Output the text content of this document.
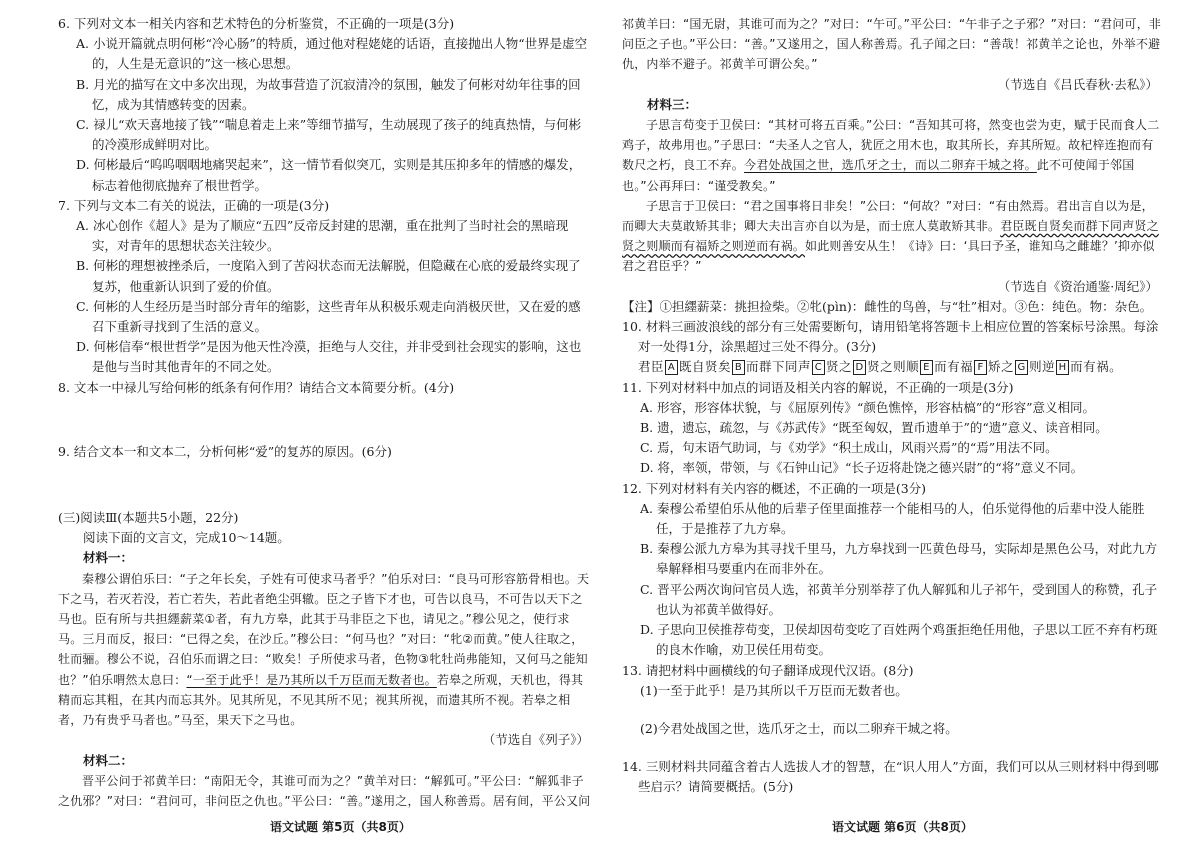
6. 下列对文本一相关内容和艺术特色的分析鉴赏，不正确的一项是(3分)

A. 小说开篇就点明何彬“冷心肠”的特质，通过他对程姥姥的话语，直接抛出人物“世界是虚空的，人生是无意识的”这一核心思想。

B. 月光的描写在文中多次出现，为故事营造了沉寂清冷的氛围，触发了何彬对幼年往事的回忆，成为其情感转变的因素。

C. 禄儿“欢天喜地接了钱”“喘息着走上来”等细节描写，生动展现了孩子的纯真热情，与何彬的冷漠形成鲜明对比。

D. 何彬最后“呜呜咽咽地痛哭起来”，这一情节看似突兀，实则是其压抑多年的情感的爆发，标志着他彻底抛弃了根世哲学。

7. 下列与文本二有关的说法，正确的一项是(3分)

A. 冰心创作《超人》是为了顺应“五四”反帝反封建的思潮，重在批判了当时社会的黑暗现实，对青年的思想状态关注较少。

B. 何彬的理想被挫杀后，一度陷入到了苦闷状态而无法解脱，但隐藏在心底的爱最终实现了复苏，他重新认识到了爱的价值。

C. 何彬的人生经历是当时部分青年的缩影，这些青年从积极乐观走向消极厌世，又在爱的感召下重新寻找到了生活的意义。

D. 何彬信奉“根世哲学”是因为他天性冷漠，拒绝与人交往，并非受到社会现实的影响，这也是他与当时其他青年的不同之处。

8. 文本一中禄儿写给何彬的纸条有何作用？请结合文本简要分析。(4分)

9. 结合文本一和文本二，分析何彬“爱”的复苏的原因。(6分)

(三)阅读Ⅲ(本题共5小题，22分)

阅读下面的文言文，完成10～14题。

材料一：

秦穆公谓伯乐曰：“子之年长矣，子姓有可使求马者乎？”伯乐对曰：“良马可形容筋骨相也。天下之马，若灭若没，若亡若失，若此者绝尘弭辙。臣之子皆下才也，可告以良马，不可告以天下之马也。臣有所与共担纆薪菜①者，有九方皋，此其于马非臣之下也，请见之。”穆公见之，使行求马。三月而反，报曰：“已得之矣，在沙丘。”穆公曰：“何马也？”对曰：“牝②而黄。”使人往取之，牡而骊。穆公不说，召伯乐而谓之曰：“败矣！子所使求马者，色物③牝牡尚弗能知，又何马之能知也？”伯乐喟然太息曰：“一至于此乎！是乃其所以千万臣而无数者也。若皋之所观，天机也，得其精而忘其粗，在其内而忘其外。见其所见，不见其所不见；视其所视，而遗其所不视。若皋之相者，乃有贵乎马者也。”马至，果天下之马也。

（节选自《列子》）

材料二：

晋平公问于祁黄羊曰：“南阳无令，其谁可而为之？”黄羊对曰：“解狐可。”平公曰：“解狐非子之仇邪？”对曰：“君问可，非问臣之仇也。”平公曰：“善。”遂用之，国人称善焉。居有间，平公又问

祁黄羊曰：“国无尉，其谁可而为之？”对曰：“午可。”平公曰：“午非子之子邪？”对曰：“君问可，非问臣之子也。”平公曰：“善。”又遂用之，国人称善焉。孔子闻之曰：“善哉！祁黄羊之论也，外举不避仇，内举不避子。祁黄羊可谓公矣。”

（节选自《吕氏春秋·去私》）

材料三：

子思言苟变于卫侯曰：“其材可将五百乘。”公曰：“吾知其可将，然变也尝为吏，赋于民而食人二鸡子，故弗用也。”子思曰：“夫圣人之官人，犹匠之用木也，取其所长，弃其所短。故杞梓连抱而有数尺之朽，良工不弃。今君处战国之世，选爪牙之士，而以二卵弃干城之将。此不可使闻于邻国也。”公再拜曰：“谨受教矣。”

子思言于卫侯曰：“君之国事将日非矣！”公曰：“何故？”对曰：“有由然焉。君出言自以为是，而卿大夫莫敢矫其非；卿大夫出言亦自以为是，而士庶人莫敢矫其非。君臣既自贤矣而群下同声贤之贤之则顺而有福矫之则逆而有祸。如此则善安从生！《诗》曰：‘具曰予圣，谁知乌之雌雄？’抑亦似君之君臣乎？”

（节选自《资治通鉴·周纪》）

【注】①担纆薪菜：挑担捡柴。②牝(pìn)：雌性的鸟兽，与“牡”相对。③色：纯色。物：杂色。

10. 材料三画波浪线的部分有三处需要断句，请用铅笔将答题卡上相应位置的答案标号涂黑。每涂对一处得1分，涂黑超过三处不得分。(3分)

君臣 A 既自贤矣 B 而群下同声 C 贤之 D 贤之则顺 E 而有福 F 矫之 G 则逆 H 而有祸。

11. 下列对材料中加点的词语及相关内容的解说，不正确的一项是(3分)

A. 形容，形容体状貌，与《屈原列传》“颜色憔悴，形容枯槁”的“形容”意义相同。

B. 遗，遗忘，疏忽，与《苏武传》“既至匈奴，置币遗单于”的“遗”意义、读音相同。

C. 焉，句末语气助词，与《劝学》“积土成山，风雨兴焉”的“焉”用法不同。

D. 将，率领，带领，与《石钟山记》“长子迈将赴饶之德兴尉”的“将”意义不同。

12. 下列对材料有关内容的概述，不正确的一项是(3分)

A. 秦穆公希望伯乐从他的后辈子侄里面推荐一个能相马的人，伯乐觉得他的后辈中没人能胜任，于是推荐了九方皋。

B. 秦穆公派九方皋为其寻找千里马，九方皋找到一匹黄色母马，实际却是黑色公马，对此九方皋解释相马要重内在而非外在。

C. 晋平公两次询问官员人选，祁黄羊分别举荐了仇人解狐和儿子祁午，受到国人的称赞，孔子也认为祁黄羊做得好。

D. 子思向卫侯推荐苟变，卫侯却因苟变吃了百姓两个鸡蛋拒绝任用他，子思以工匠不弃有朽斑的良木作喻，劝卫侯任用苟变。

13. 请把材料中画横线的句子翻译成现代汉语。(8分)

(1)一至于此乎！是乃其所以千万臣而无数者也。

(2)今君处战国之世，选爪牙之士，而以二卵弃干城之将。

14. 三则材料共同蕴含着古人选拔人才的智慧，在“识人用人”方面，我们可以从三则材料中得到哪些启示？请简要概括。(5分)

语文试题 第5页（共8页）	语文试题 第6页（共8页）
